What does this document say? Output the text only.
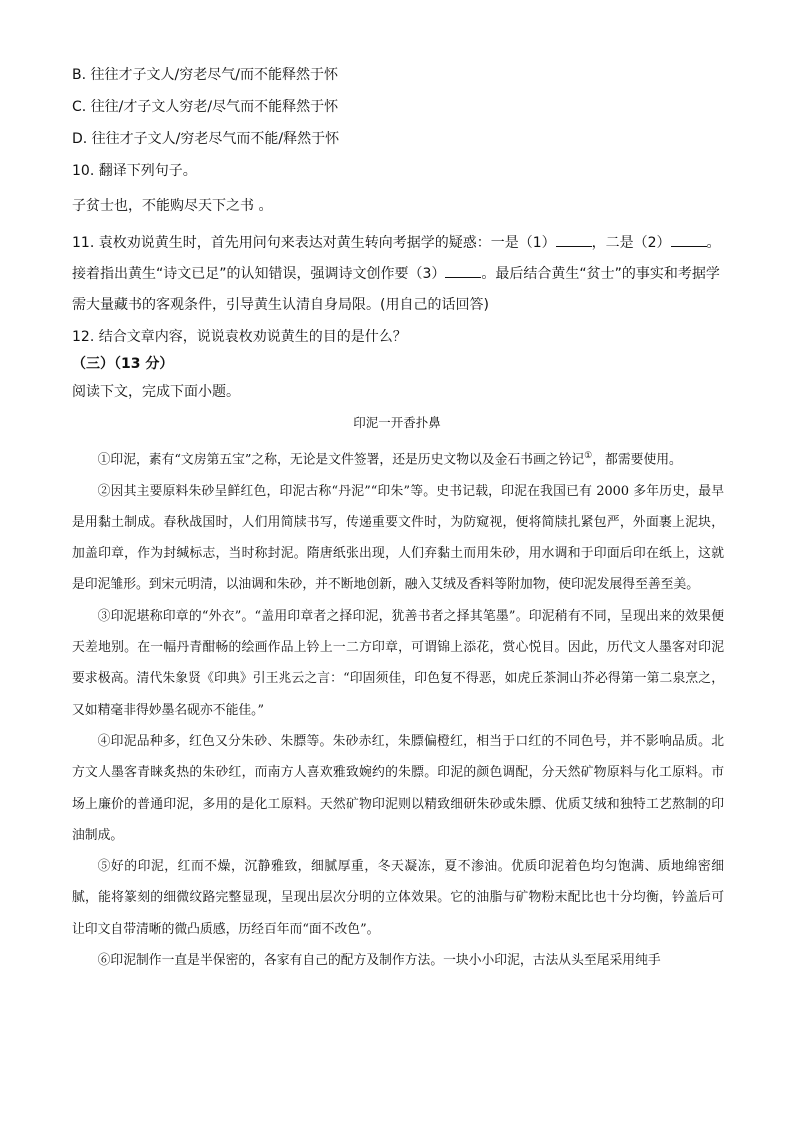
B. 往往才子文人/穷老尽气/而不能释然于怀
C. 往往/才子文人穷老/尽气而不能释然于怀
D. 往往才子文人/穷老尽气而不能/释然于怀
10. 翻译下列句子。
子贫士也，不能购尽天下之书 。
11. 袁枚劝说黄生时，首先用问句来表达对黄生转向考据学的疑惑：一是（1）	，二是（2）	。接着指出黄生“诗文已足”的认知错误，强调诗文创作要（3）	。最后结合黄生“贫士”的事实和考据学需大量藏书的客观条件，引导黄生认清自身局限。(用自己的话回答)
12. 结合文章内容，说说袁枚劝说黄生的目的是什么？
（三）（13 分）
阅读下文，完成下面小题。
印泥一开香扑鼻

①印泥，素有“文房第五宝”之称，无论是文件签署，还是历史文物以及金石书画之钤记①，都需要使用。

②因其主要原料朱砂呈鲜红色，印泥古称“丹泥”“印朱”等。史书记载，印泥在我国已有 2000 多年历史，最早是用黏土制成。春秋战国时，人们用简牍书写，传递重要文件时，为防窥视，便将简牍扎紧包严，外面裹上泥块，加盖印章，作为封缄标志，当时称封泥。隋唐纸张出现，人们弃黏土而用朱砂，用水调和于印面后印在纸上，这就是印泥雏形。到宋元明清，以油调和朱砂，并不断地创新，融入艾绒及香料等附加物，使印泥发展得至善至美。

③印泥堪称印章的“外衣”。“盖用印章者之择印泥，犹善书者之择其笔墨”。印泥稍有不同，呈现出来的效果便天差地别。在一幅丹青酣畅的绘画作品上钤上一二方印章，可谓锦上添花，赏心悦目。因此，历代文人墨客对印泥要求极高。清代朱象贤《印典》引王兆云之言：“印固须佳，印色复不得恶，如虎丘茶洞山芥必得第一第二泉烹之，又如精毫非得妙墨名砚亦不能佳。”

④印泥品种多，红色又分朱砂、朱膘等。朱砂赤红，朱膘偏橙红，相当于口红的不同色号，并不影响品质。北方文人墨客青睐炙热的朱砂红，而南方人喜欢雅致婉约的朱膘。印泥的颜色调配，分天然矿物原料与化工原料。市场上廉价的普通印泥，多用的是化工原料。天然矿物印泥则以精致细研朱砂或朱膘、优质艾绒和独特工艺熬制的印油制成。

⑤好的印泥，红而不燥，沉静雅致，细腻厚重，冬天凝冻，夏不渗油。优质印泥着色均匀饱满、质地绵密细腻，能将篆刻的细微纹路完整显现，呈现出层次分明的立体效果。它的油脂与矿物粉末配比也十分均衡，钤盖后可让印文自带清晰的微凸质感，历经百年而“面不改色”。

⑥印泥制作一直是半保密的，各家有自己的配方及制作方法。一块小小印泥，古法从头至尾采用纯手
